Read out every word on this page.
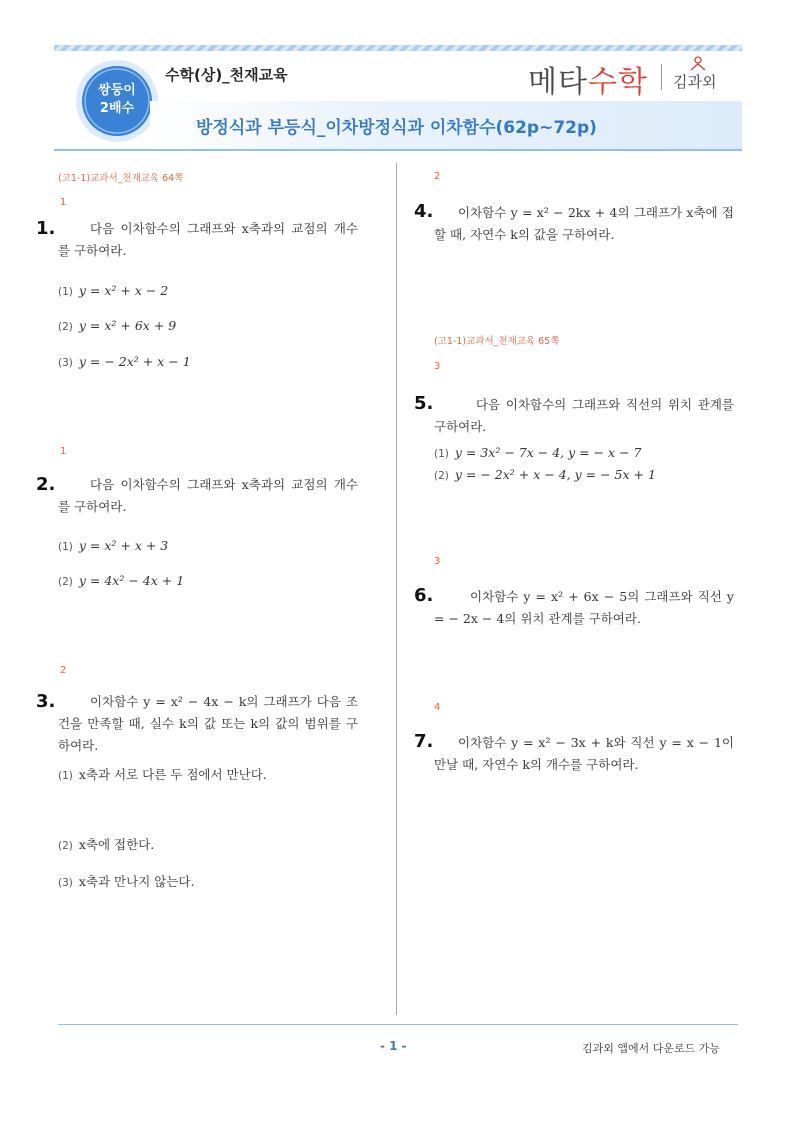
쌍둥이
2배수
수학(상)_천재교육	메타수학 김과외
방정식과 부등식_이차방정식과 이차함수(62p~72p)
(고1-1)교과서_천재교육 64쪽
1
1.	다음 이차함수의 그래프와 x축과의 교점의 개수를 구하여라.
(1) y = x² + x − 2
(2) y = x² + 6x + 9
(3) y = − 2x² + x − 1
1
2.	다음 이차함수의 그래프와 x축과의 교점의 개수를 구하여라.
(1) y = x² + x + 3
(2) y = 4x² − 4x + 1
2
3.	이차함수 y = x² − 4x − k의 그래프가 다음 조건을 만족할 때, 실수 k의 값 또는 k의 값의 범위를 구하여라.
(1) x축과 서로 다른 두 점에서 만난다.
(2) x축에 접한다.
(3) x축과 만나지 않는다.
2
4.	이차함수 y = x² − 2kx + 4의 그래프가 x축에 접할 때, 자연수 k의 값을 구하여라.
(고1-1)교과서_천재교육 65쪽
3
5.	다음 이차함수의 그래프와 직선의 위치 관계를 구하여라.
(1) y = 3x² − 7x − 4, y = − x − 7
(2) y = − 2x² + x − 4, y = − 5x + 1
3
6.	이차함수 y = x² + 6x − 5의 그래프와 직선 y = − 2x − 4의 위치 관계를 구하여라.
4
7.	이차함수 y = x² − 3x + k와 직선 y = x − 1이 만날 때, 자연수 k의 개수를 구하여라.
- 1 -	김과외 앱에서 다운로드 가능
